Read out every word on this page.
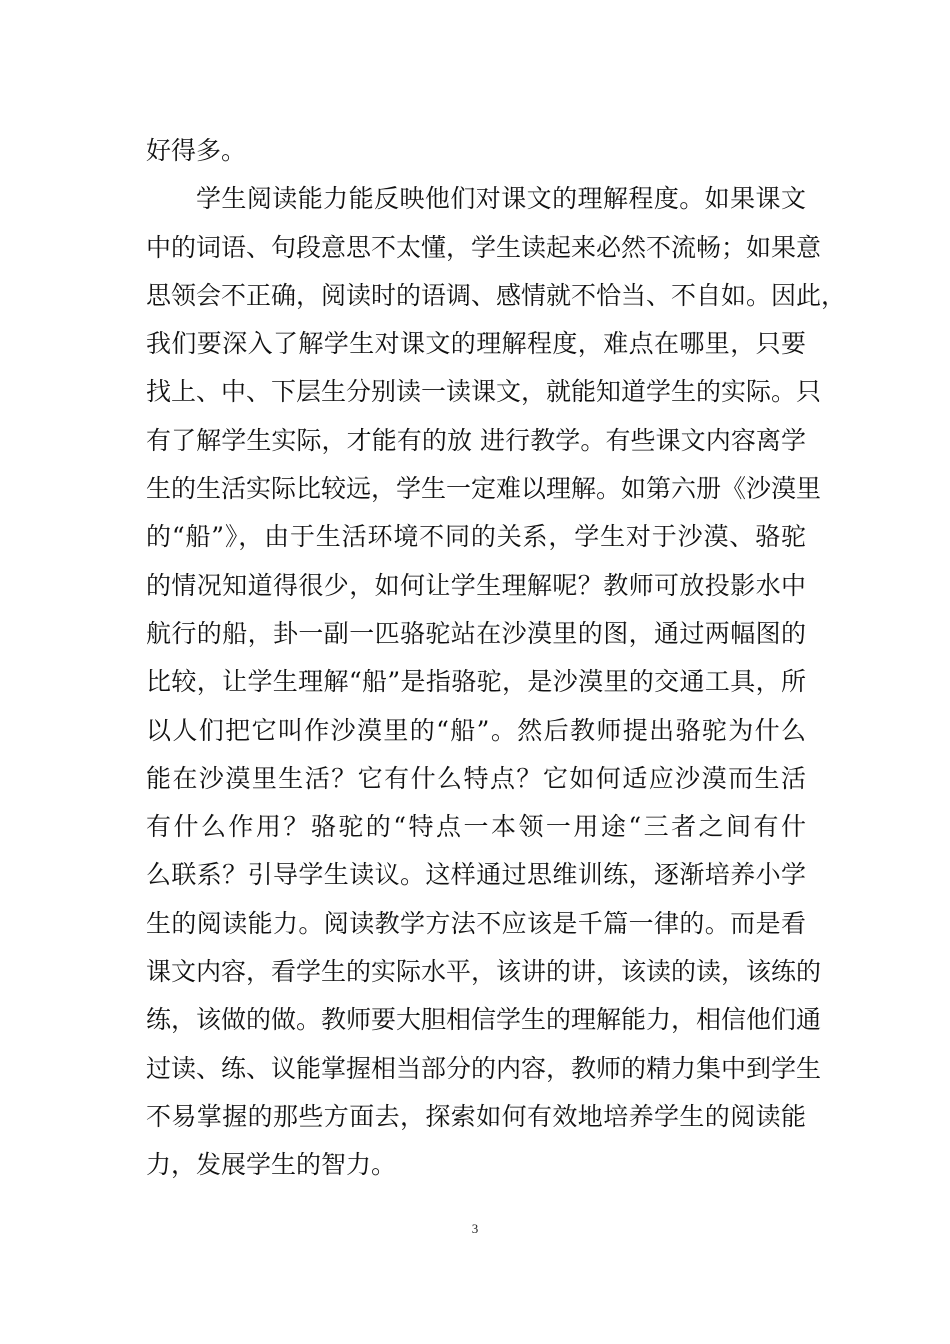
好得多。
学生阅读能力能反映他们对课文的理解程度。如果课文
中的词语、句段意思不太懂，学生读起来必然不流畅；如果意
思领会不正确，阅读时的语调、感情就不恰当、不自如。因此，
我们要深入了解学生对课文的理解程度，难点在哪里，只要
找上、中、下层生分别读一读课文，就能知道学生的实际。只
有了解学生实际，才能有的放 进行教学。有些课文内容离学
生的生活实际比较远，学生一定难以理解。如第六册《沙漠里
的“船”》，由于生活环境不同的关系，学生对于沙漠、骆驼
的情况知道得很少，如何让学生理解呢？教师可放投影水中
航行的船，卦一副一匹骆驼站在沙漠里的图，通过两幅图的
比较，让学生理解“船”是指骆驼，是沙漠里的交通工具，所
以人们把它叫作沙漠里的“船”。然后教师提出骆驼为什么
能在沙漠里生活？它有什么特点？它如何适应沙漠而生活
有什么作用？骆驼的“特点一本领一用途“三者之间有什
么联系？引导学生读议。这样通过思维训练，逐渐培养小学
生的阅读能力。阅读教学方法不应该是千篇一律的。而是看
课文内容，看学生的实际水平，该讲的讲，该读的读，该练的
练，该做的做。教师要大胆相信学生的理解能力，相信他们通
过读、练、议能掌握相当部分的内容，教师的精力集中到学生
不易掌握的那些方面去，探索如何有效地培养学生的阅读能
力，发展学生的智力。
3
